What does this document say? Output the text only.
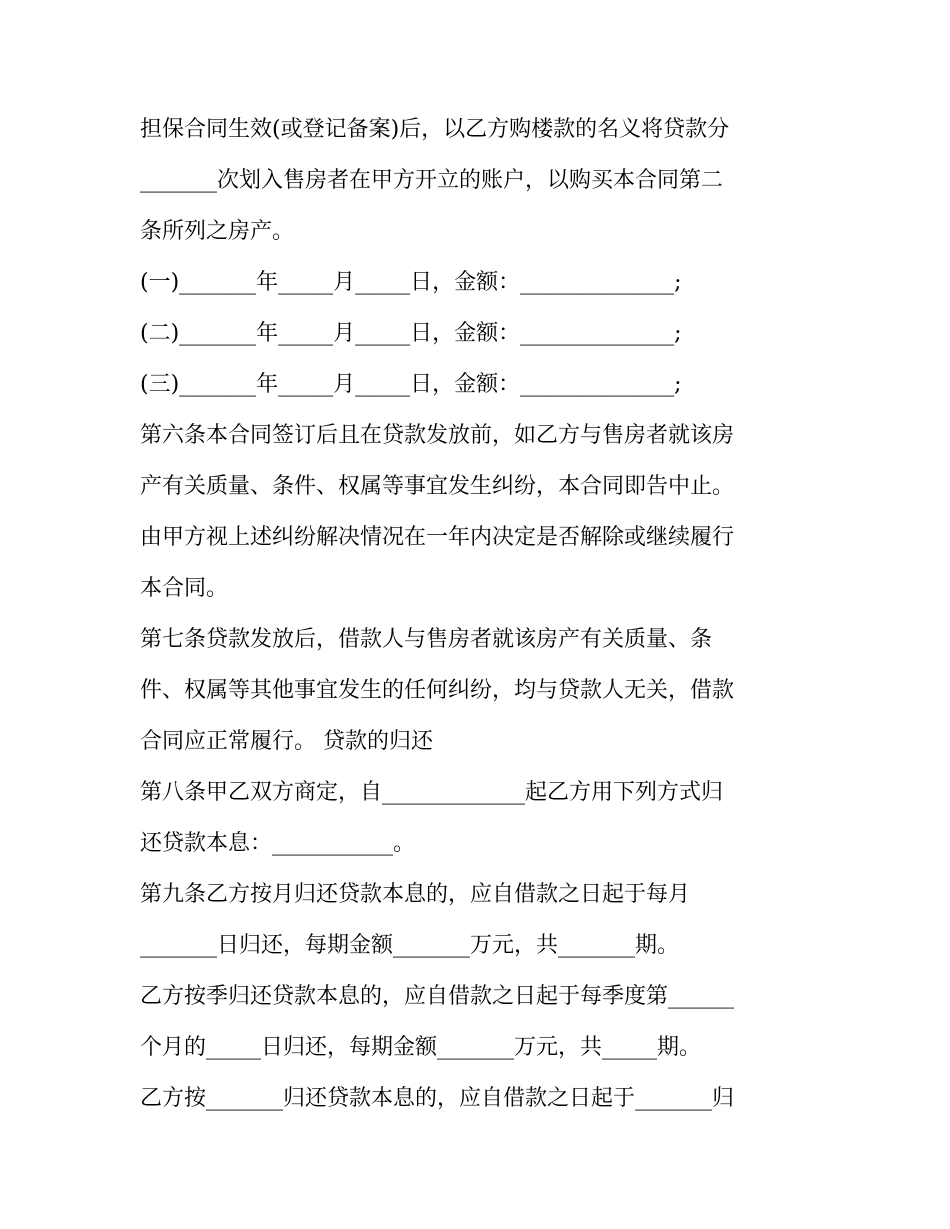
担保合同生效(或登记备案)后，以乙方购楼款的名义将贷款分
_______次划入售房者在甲方开立的账户，以购买本合同第二
条所列之房产。
(一)_______年_____月_____日，金额：______________;
(二)_______年_____月_____日，金额：______________;
(三)_______年_____月_____日，金额：______________;
第六条本合同签订后且在贷款发放前，如乙方与售房者就该房
产有关质量、条件、权属等事宜发生纠纷，本合同即告中止。
由甲方视上述纠纷解决情况在一年内决定是否解除或继续履行
本合同。
第七条贷款发放后，借款人与售房者就该房产有关质量、条
件、权属等其他事宜发生的任何纠纷，均与贷款人无关，借款
合同应正常履行。 贷款的归还
第八条甲乙双方商定，自_____________起乙方用下列方式归
还贷款本息：___________。
第九条乙方按月归还贷款本息的，应自借款之日起于每月
_______日归还，每期金额_______万元，共_______期。
乙方按季归还贷款本息的，应自借款之日起于每季度第______
个月的_____日归还，每期金额_______万元，共_____期。
乙方按_______归还贷款本息的，应自借款之日起于_______归
